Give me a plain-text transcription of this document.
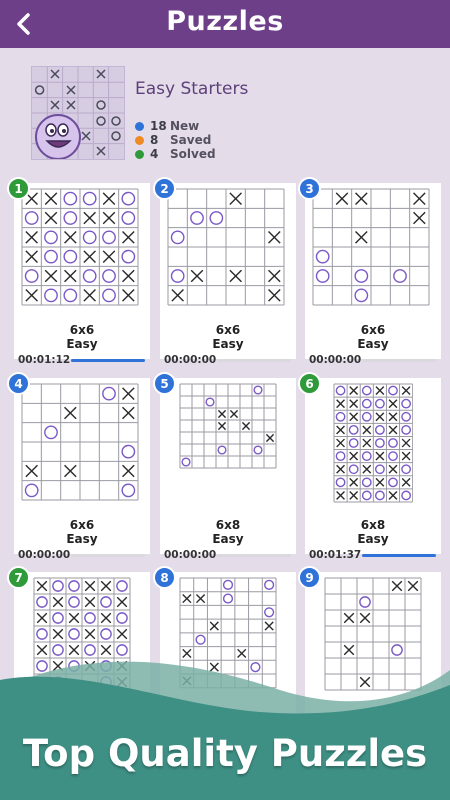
Puzzles
Easy Starters
18 New
8 Saved
4 Solved
1
6x6
Easy
00:01:12
2
6x6
Easy
00:00:00
3
6x6
Easy
00:00:00
4
6x6
Easy
00:00:00
5
6x8
Easy
00:00:00
6
6x8
Easy
00:01:37
7	8	9
Top Quality Puzzles
